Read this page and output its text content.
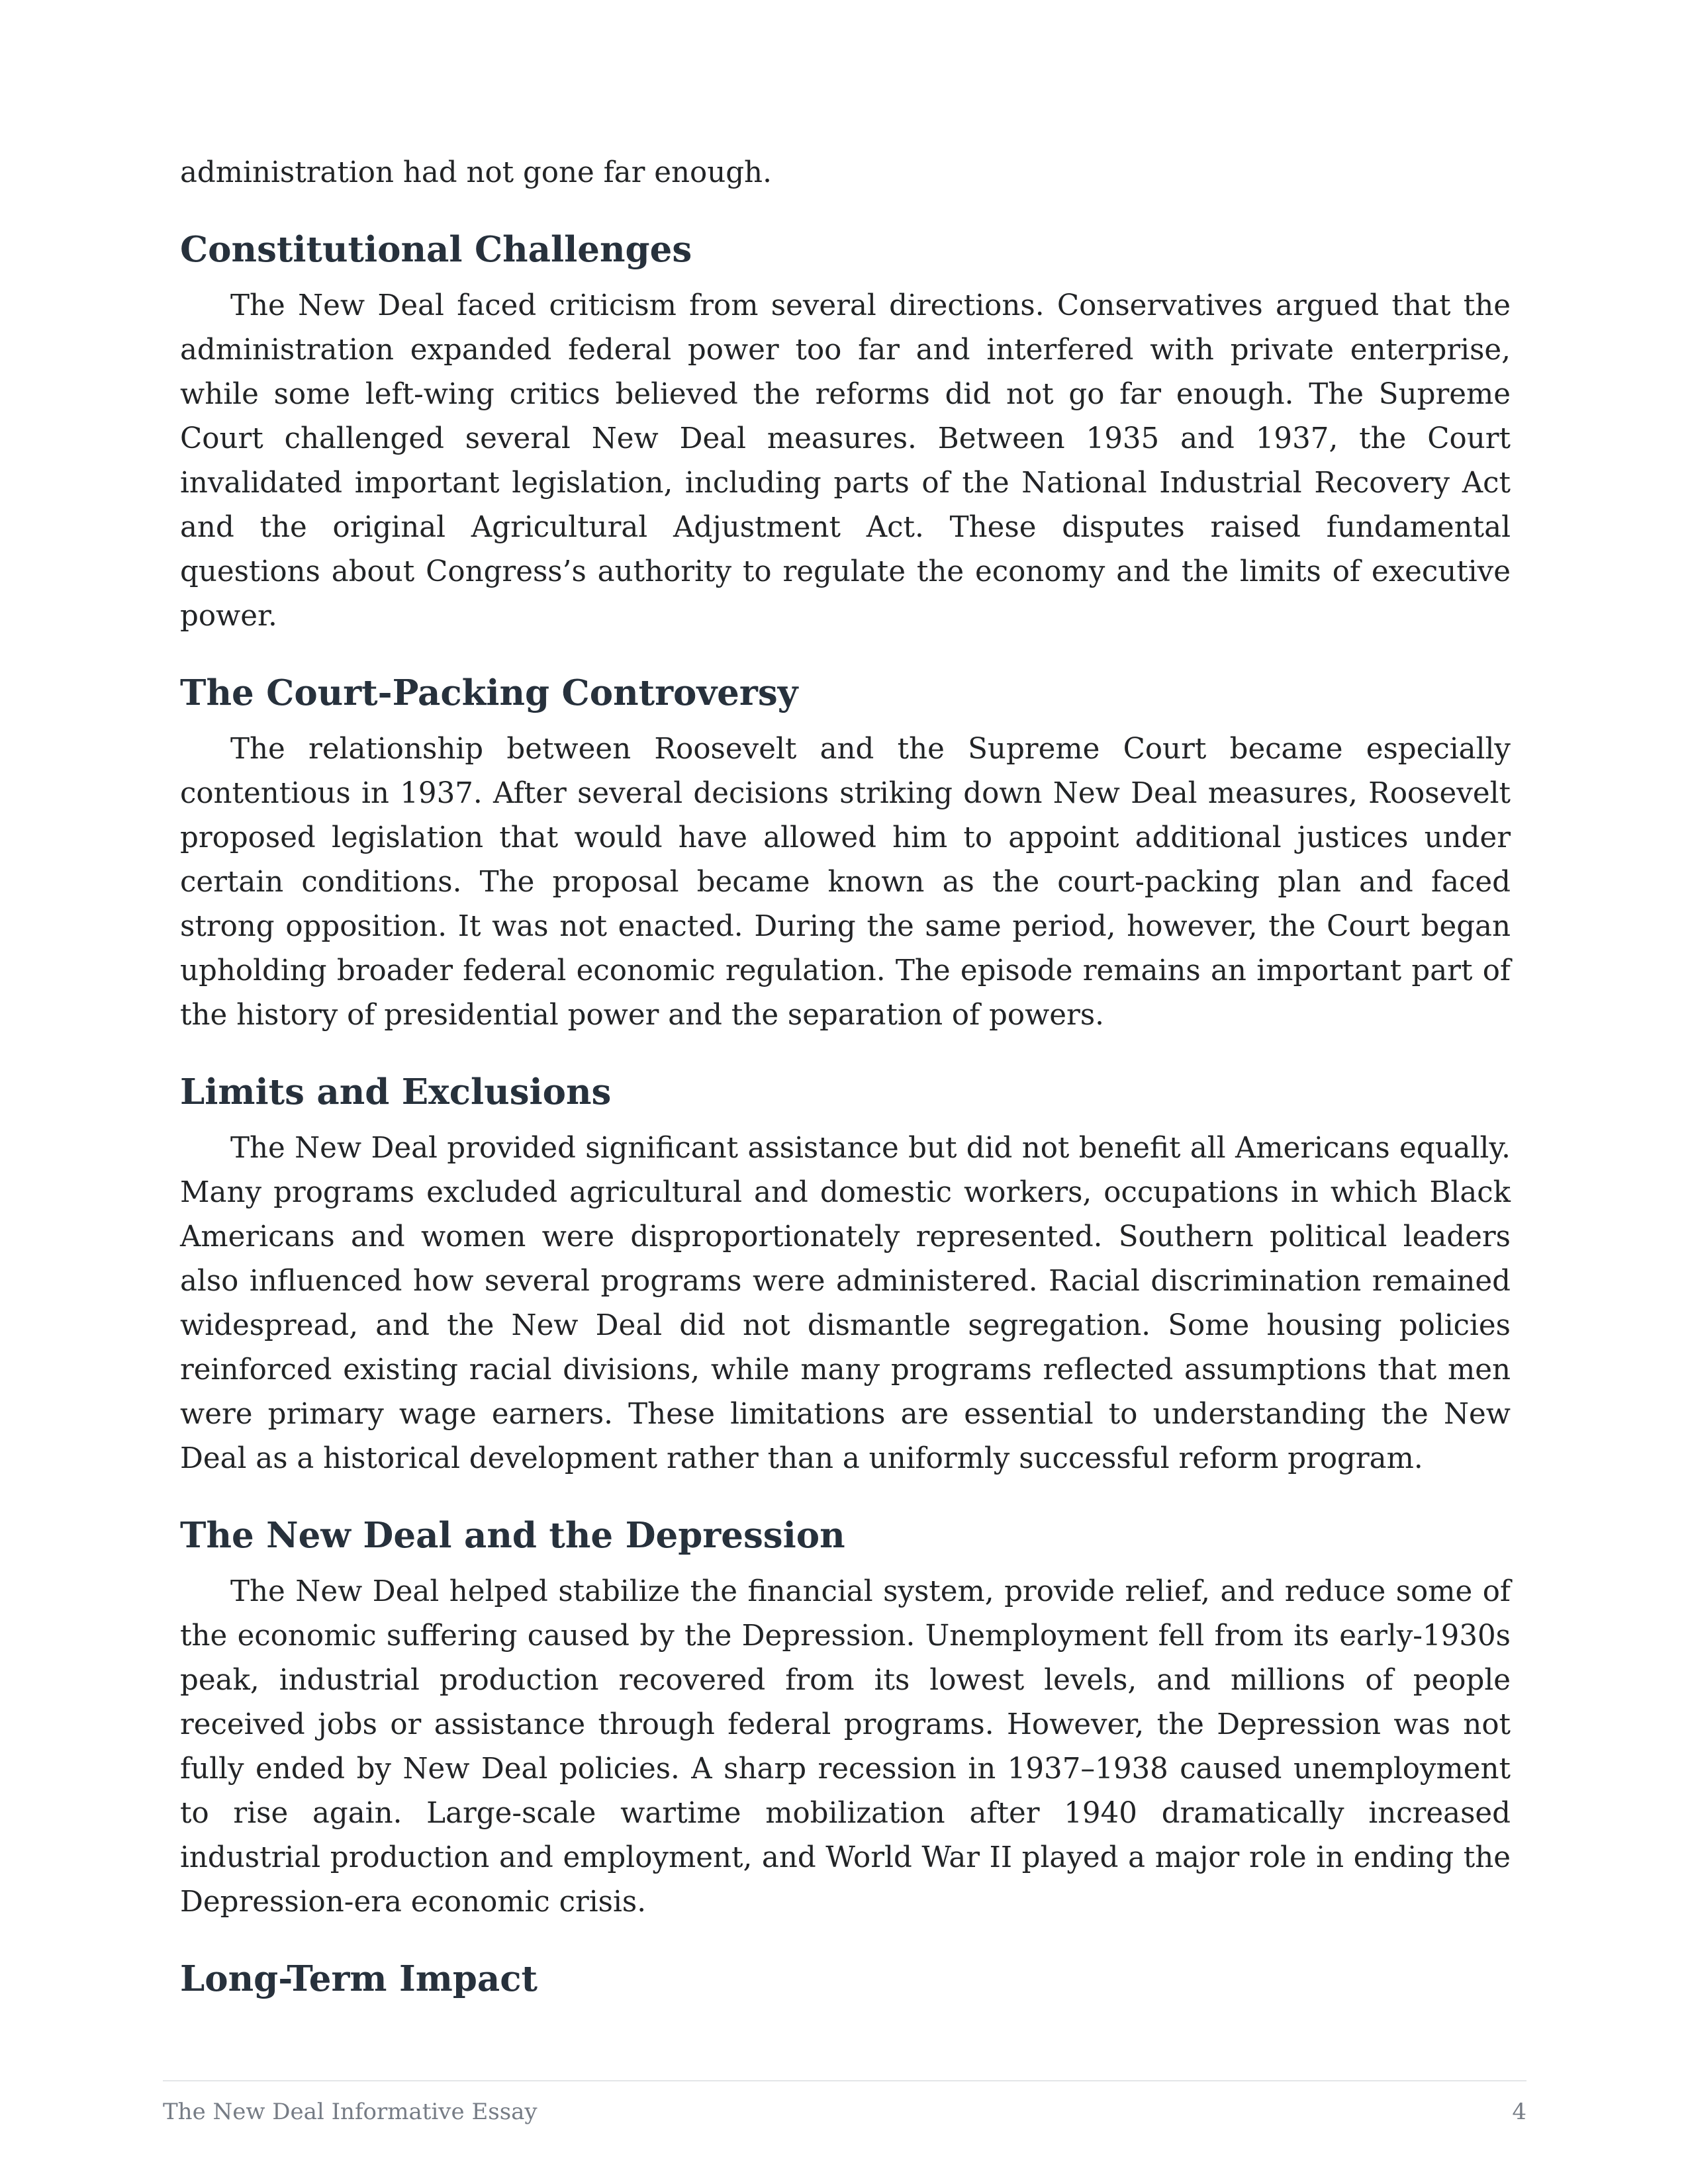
administration had not gone far enough.

Constitutional Challenges

The New Deal faced criticism from several directions. Conservatives argued that the administration expanded federal power too far and interfered with private enterprise, while some left-wing critics believed the reforms did not go far enough. The Supreme Court challenged several New Deal measures. Between 1935 and 1937, the Court invalidated important legislation, including parts of the National Industrial Recovery Act and the original Agricultural Adjustment Act. These disputes raised fundamental questions about Congress’s authority to regulate the economy and the limits of executive power.

The Court-Packing Controversy

The relationship between Roosevelt and the Supreme Court became especially contentious in 1937. After several decisions striking down New Deal measures, Roosevelt proposed legislation that would have allowed him to appoint additional justices under certain conditions. The proposal became known as the court-packing plan and faced strong opposition. It was not enacted. During the same period, however, the Court began upholding broader federal economic regulation. The episode remains an important part of the history of presidential power and the separation of powers.

Limits and Exclusions

The New Deal provided significant assistance but did not benefit all Americans equally. Many programs excluded agricultural and domestic workers, occupations in which Black Americans and women were disproportionately represented. Southern political leaders also influenced how several programs were administered. Racial discrimination remained widespread, and the New Deal did not dismantle segregation. Some housing policies reinforced existing racial divisions, while many programs reflected assumptions that men were primary wage earners. These limitations are essential to understanding the New Deal as a historical development rather than a uniformly successful reform program.

The New Deal and the Depression

The New Deal helped stabilize the financial system, provide relief, and reduce some of the economic suffering caused by the Depression. Unemployment fell from its early-1930s peak, industrial production recovered from its lowest levels, and millions of people received jobs or assistance through federal programs. However, the Depression was not fully ended by New Deal policies. A sharp recession in 1937–1938 caused unemployment to rise again. Large-scale wartime mobilization after 1940 dramatically increased industrial production and employment, and World War II played a major role in ending the Depression-era economic crisis.

Long-Term Impact
The New Deal Informative Essay	4
